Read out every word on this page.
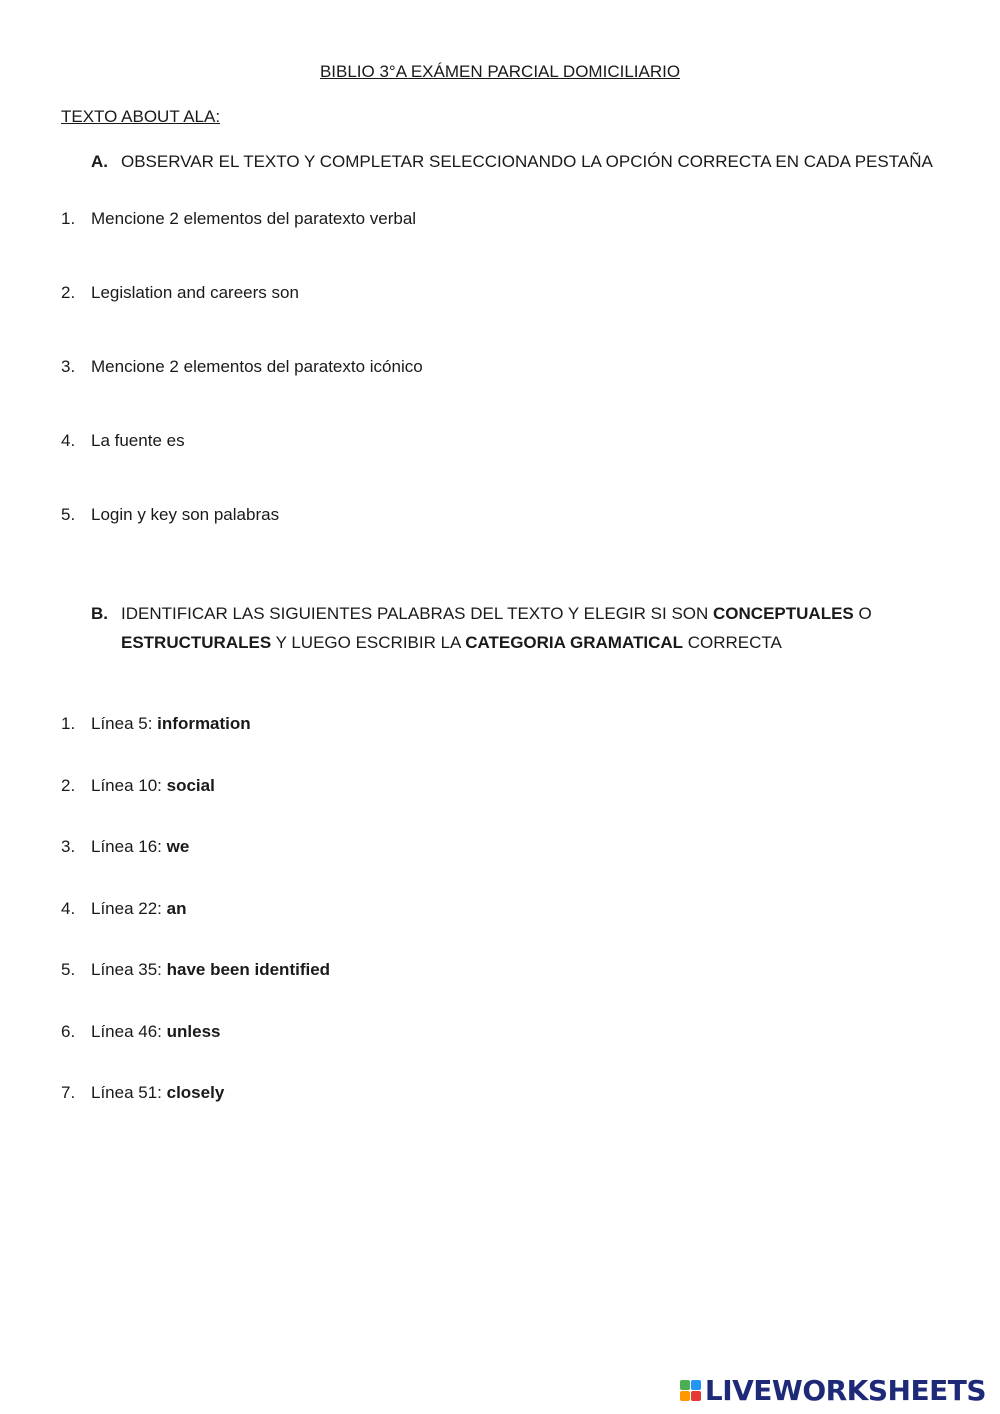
BIBLIO 3°A EXÁMEN PARCIAL DOMICILIARIO
TEXTO ABOUT ALA:
A. OBSERVAR EL TEXTO Y COMPLETAR SELECCIONANDO LA OPCIÓN CORRECTA EN CADA PESTAÑA
1. Mencione 2 elementos del paratexto verbal
2. Legislation and careers son
3. Mencione 2 elementos del paratexto icónico
4. La fuente es
5. Login y key son palabras
B. IDENTIFICAR LAS SIGUIENTES PALABRAS DEL TEXTO Y ELEGIR SI SON CONCEPTUALES O
ESTRUCTURALES Y LUEGO ESCRIBIR LA CATEGORIA GRAMATICAL CORRECTA
1. Línea 5: information
2. Línea 10: social
3. Línea 16: we
4. Línea 22: an
5. Línea 35: have been identified
6. Línea 46: unless
7. Línea 51: closely
LIVEWORKSHEETS
